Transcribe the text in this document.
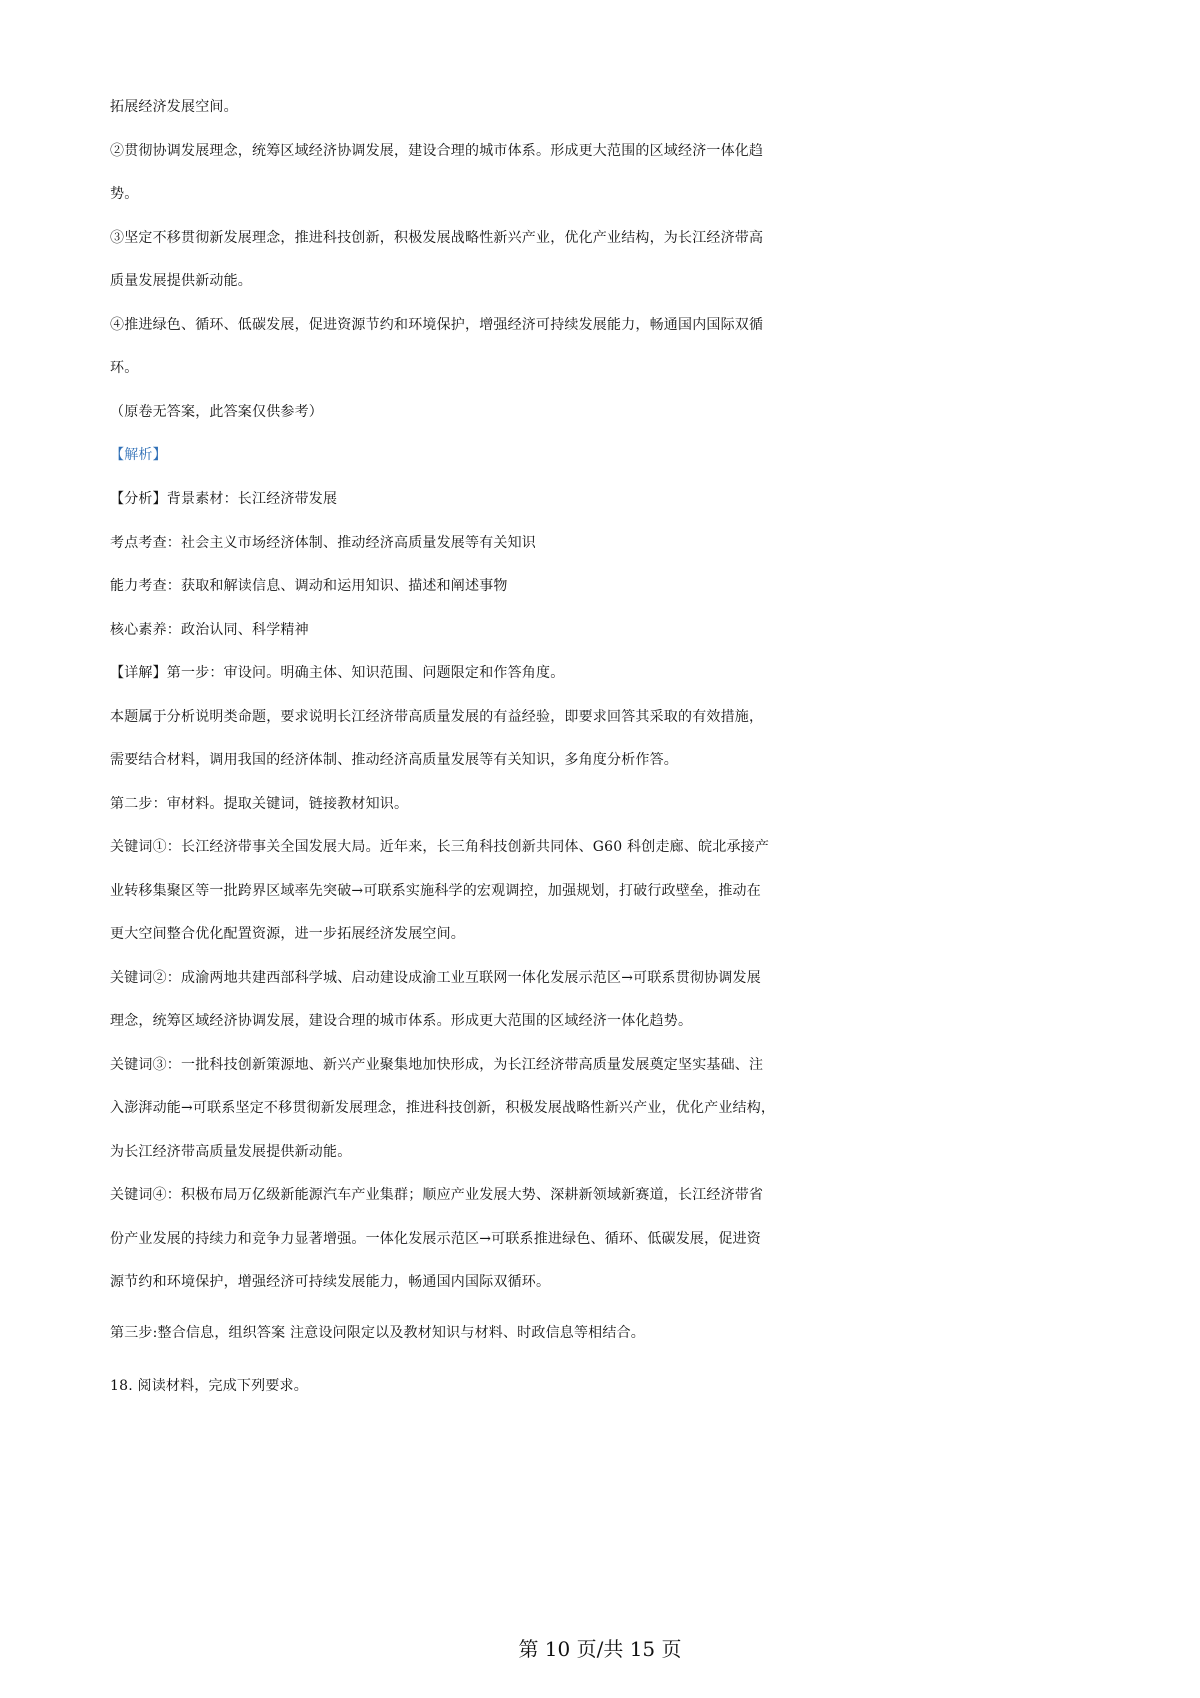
拓展经济发展空间。
②贯彻协调发展理念，统筹区域经济协调发展，建设合理的城市体系。形成更大范围的区域经济一体化趋
势。
③坚定不移贯彻新发展理念，推进科技创新，积极发展战略性新兴产业，优化产业结构，为长江经济带高
质量发展提供新动能。
④推进绿色、循环、低碳发展，促进资源节约和环境保护，增强经济可持续发展能力，畅通国内国际双循
环。
（原卷无答案，此答案仅供参考）
【解析】
【分析】背景素材：长江经济带发展
考点考查：社会主义市场经济体制、推动经济高质量发展等有关知识
能力考查：获取和解读信息、调动和运用知识、描述和阐述事物
核心素养：政治认同、科学精神
【详解】第一步：审设问。明确主体、知识范围、问题限定和作答角度。
本题属于分析说明类命题，要求说明长江经济带高质量发展的有益经验，即要求回答其采取的有效措施，
需要结合材料，调用我国的经济体制、推动经济高质量发展等有关知识，多角度分析作答。
第二步：审材料。提取关键词，链接教材知识。
关键词①：长江经济带事关全国发展大局。近年来，长三角科技创新共同体、G60 科创走廊、皖北承接产
业转移集聚区等一批跨界区域率先突破→可联系实施科学的宏观调控，加强规划，打破行政壁垒，推动在
更大空间整合优化配置资源，进一步拓展经济发展空间。
关键词②：成渝两地共建西部科学城、启动建设成渝工业互联网一体化发展示范区→可联系贯彻协调发展
理念，统筹区域经济协调发展，建设合理的城市体系。形成更大范围的区域经济一体化趋势。
关键词③：一批科技创新策源地、新兴产业聚集地加快形成，为长江经济带高质量发展奠定坚实基础、注
入澎湃动能→可联系坚定不移贯彻新发展理念，推进科技创新，积极发展战略性新兴产业，优化产业结构，
为长江经济带高质量发展提供新动能。
关键词④：积极布局万亿级新能源汽车产业集群；顺应产业发展大势、深耕新领域新赛道，长江经济带省
份产业发展的持续力和竞争力显著增强。一体化发展示范区→可联系推进绿色、循环、低碳发展，促进资
源节约和环境保护，增强经济可持续发展能力，畅通国内国际双循环。
第三步:整合信息，组织答案 注意设问限定以及教材知识与材料、时政信息等相结合。
18. 阅读材料，完成下列要求。
第 10 页/共 15 页
